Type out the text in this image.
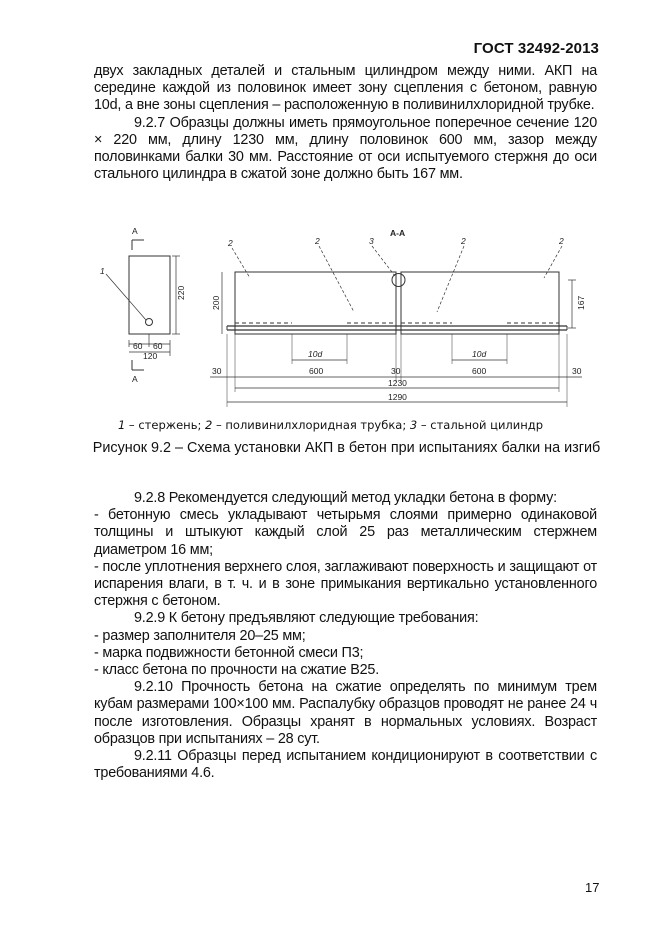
ГОСТ 32492-2013

двух закладных деталей и стальным цилиндром между ними. АКП на середине каждой из половинок имеет зону сцепления с бетоном, равную 10d, а вне зоны сцепления – расположенную в поливинилхлоридной трубке.

9.2.7 Образцы должны иметь прямоугольное поперечное сечение 120 × 220 мм, длину 1230 мм, длину половинок 600 мм, зазор между половинками балки 30 мм. Расстояние от оси испытуемого стержня до оси стального цилиндра в сжатой зоне должно быть 167 мм.

А
А
А-А
1
2	2	3	2	2
60 60
120
220
200	167
10d	10d
30	600	30	600	30
1230
1290
1 – стержень; 2 – поливинилхлоридная трубка; 3 – стальной цилиндр
Рисунок 9.2 – Схема установки АКП в бетон при испытаниях балки на изгиб

9.2.8 Рекомендуется следующий метод укладки бетона в форму:

- бетонную смесь укладывают четырьмя слоями примерно одинаковой толщины и штыкуют каждый слой 25 раз металлическим стержнем диаметром 16 мм;

- после уплотнения верхнего слоя, заглаживают поверхность и защищают от испарения влаги, в т. ч. и в зоне примыкания вертикально установленного стержня с бетоном.

9.2.9 К бетону предъявляют следующие требования:

- размер заполнителя 20–25 мм;

- марка подвижности бетонной смеси П3;

- класс бетона по прочности на сжатие В25.

9.2.10 Прочность бетона на сжатие определять по минимум трем кубам размерами 100×100 мм. Распалубку образцов проводят не ранее 24 ч после изготовления. Образцы хранят в нормальных условиях. Возраст образцов при испытаниях – 28 сут.

9.2.11 Образцы перед испытанием кондиционируют в соответствии с требованиями 4.6.

17
